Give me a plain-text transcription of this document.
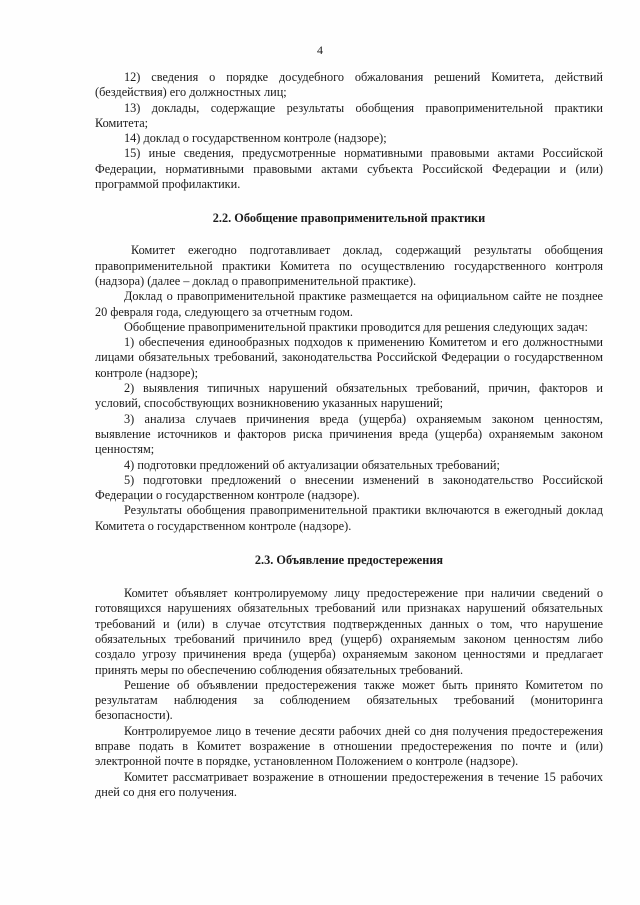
4

12) сведения о порядке досудебного обжалования решений Комитета, действий (бездействия) его должностных лиц;

13) доклады, содержащие результаты обобщения правоприменительной практики Комитета;

14) доклад о государственном контроле (надзоре);

15) иные сведения, предусмотренные нормативными правовыми актами Российской Федерации, нормативными правовыми актами субъекта Российской Федерации и (или) программой профилактики.

2.2. Обобщение правоприменительной практики

Комитет ежегодно подготавливает доклад, содержащий результаты обобщения правоприменительной практики Комитета по осуществлению государственного контроля (надзора) (далее – доклад о правоприменительной практике).

Доклад о правоприменительной практике размещается на официальном сайте не позднее 20 февраля года, следующего за отчетным годом.

Обобщение правоприменительной практики проводится для решения следующих задач:

1) обеспечения единообразных подходов к применению Комитетом и его должностными лицами обязательных требований, законодательства Российской Федерации о государственном контроле (надзоре);

2) выявления типичных нарушений обязательных требований, причин, факторов и условий, способствующих возникновению указанных нарушений;

3) анализа случаев причинения вреда (ущерба) охраняемым законом ценностям, выявление источников и факторов риска причинения вреда (ущерба) охраняемым законом ценностям;

4) подготовки предложений об актуализации обязательных требований;

5) подготовки предложений о внесении изменений в законодательство Российской Федерации о государственном контроле (надзоре).

Результаты обобщения правоприменительной практики включаются в ежегодный доклад Комитета о государственном контроле (надзоре).

2.3. Объявление предостережения

Комитет объявляет контролируемому лицу предостережение при наличии сведений о готовящихся нарушениях обязательных требований или признаках нарушений обязательных требований и (или) в случае отсутствия подтвержденных данных о том, что нарушение обязательных требований причинило вред (ущерб) охраняемым законом ценностям либо создало угрозу причинения вреда (ущерба) охраняемым законом ценностями и предлагает принять меры по обеспечению соблюдения обязательных требований.

Решение об объявлении предостережения также может быть принято Комитетом по результатам наблюдения за соблюдением обязательных требований (мониторинга безопасности).

Контролируемое лицо в течение десяти рабочих дней со дня получения предостережения вправе подать в Комитет возражение в отношении предостережения по почте и (или) электронной почте в порядке, установленном Положением о контроле (надзоре).

Комитет рассматривает возражение в отношении предостережения в течение 15 рабочих дней со дня его получения.
